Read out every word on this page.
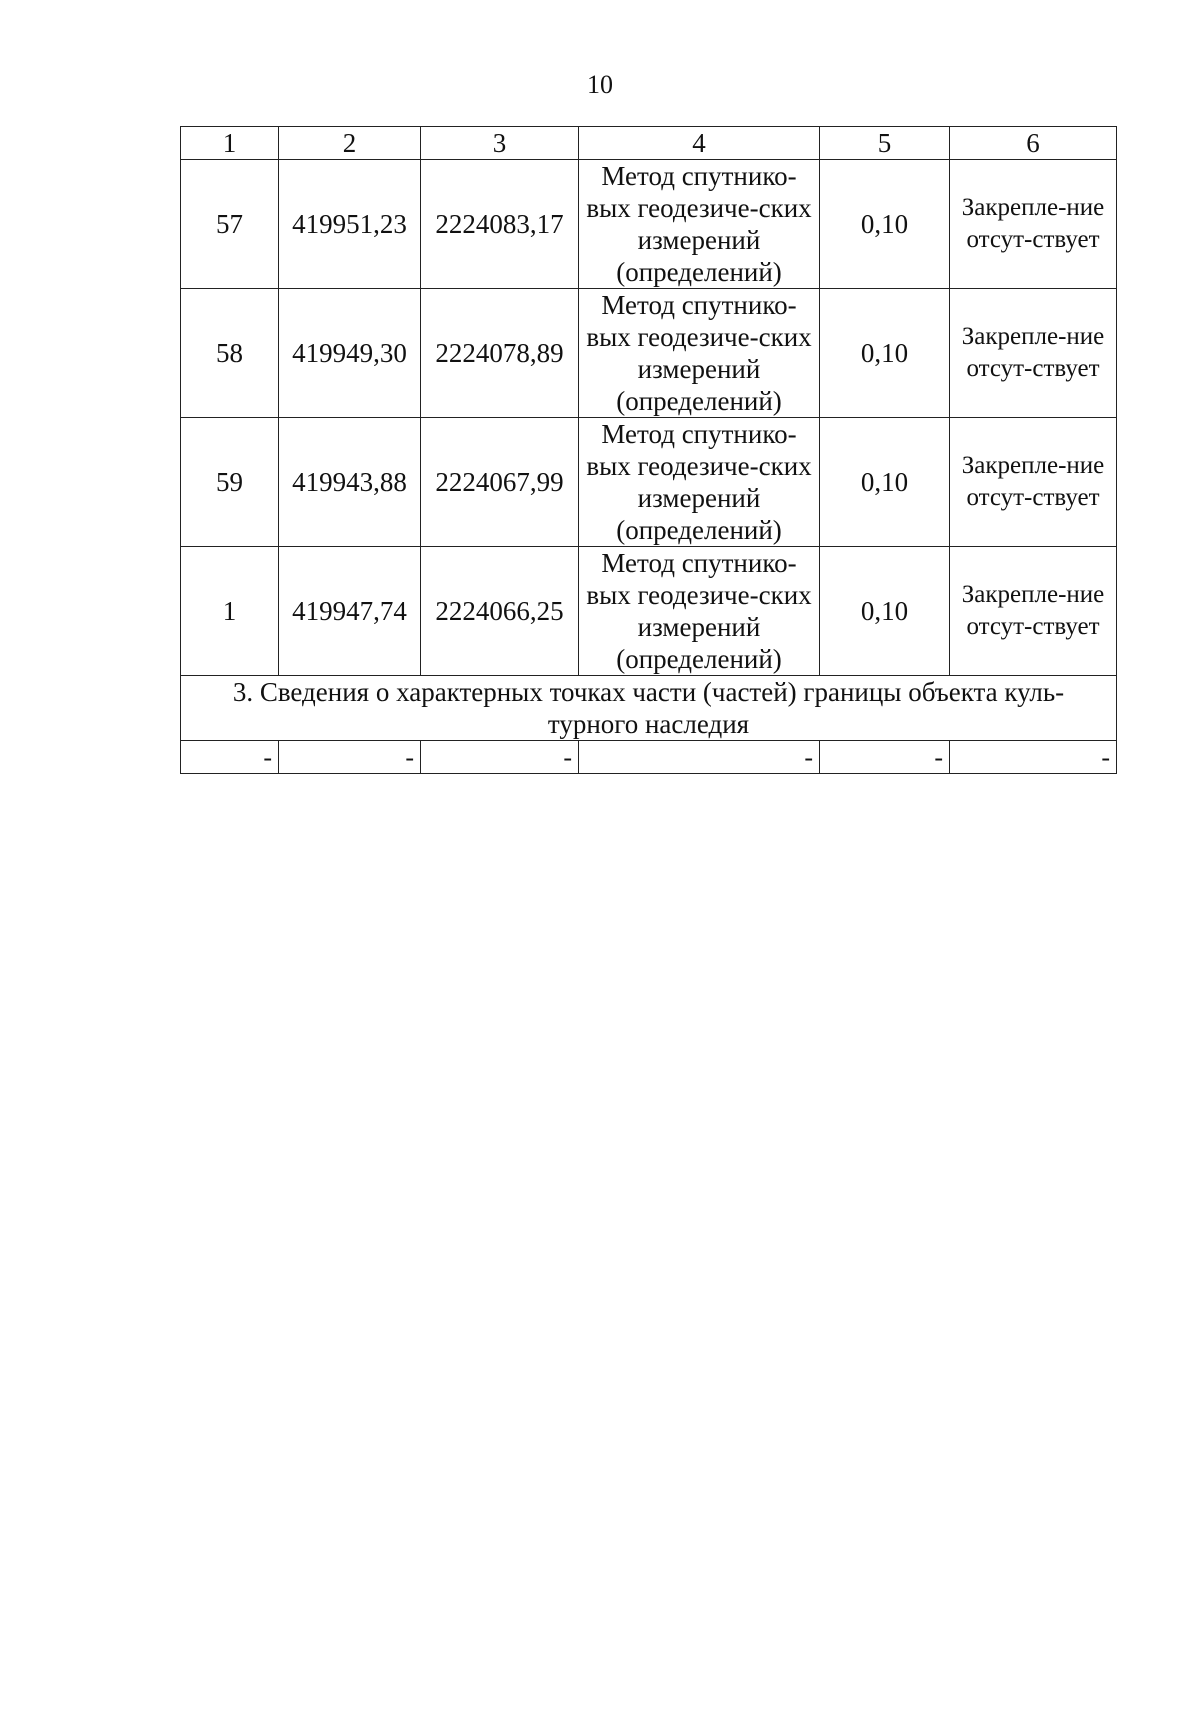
10
1	2	3	4	5	6
57	419951,23	2224083,17	Метод спутнико-вых геодезиче-ских измерений (определений)	0,10	Закрепле-ние отсут-ствует
58	419949,30	2224078,89	Метод спутнико-вых геодезиче-ских измерений (определений)	0,10	Закрепле-ние отсут-ствует
59	419943,88	2224067,99	Метод спутнико-вых геодезиче-ских измерений (определений)	0,10	Закрепле-ние отсут-ствует
1	419947,74	2224066,25	Метод спутнико-вых геодезиче-ских измерений (определений)	0,10	Закрепле-ние отсут-ствует
3. Сведения о характерных точках части (частей) границы объекта куль-турного наследия					
-	-	-	-	-	-
